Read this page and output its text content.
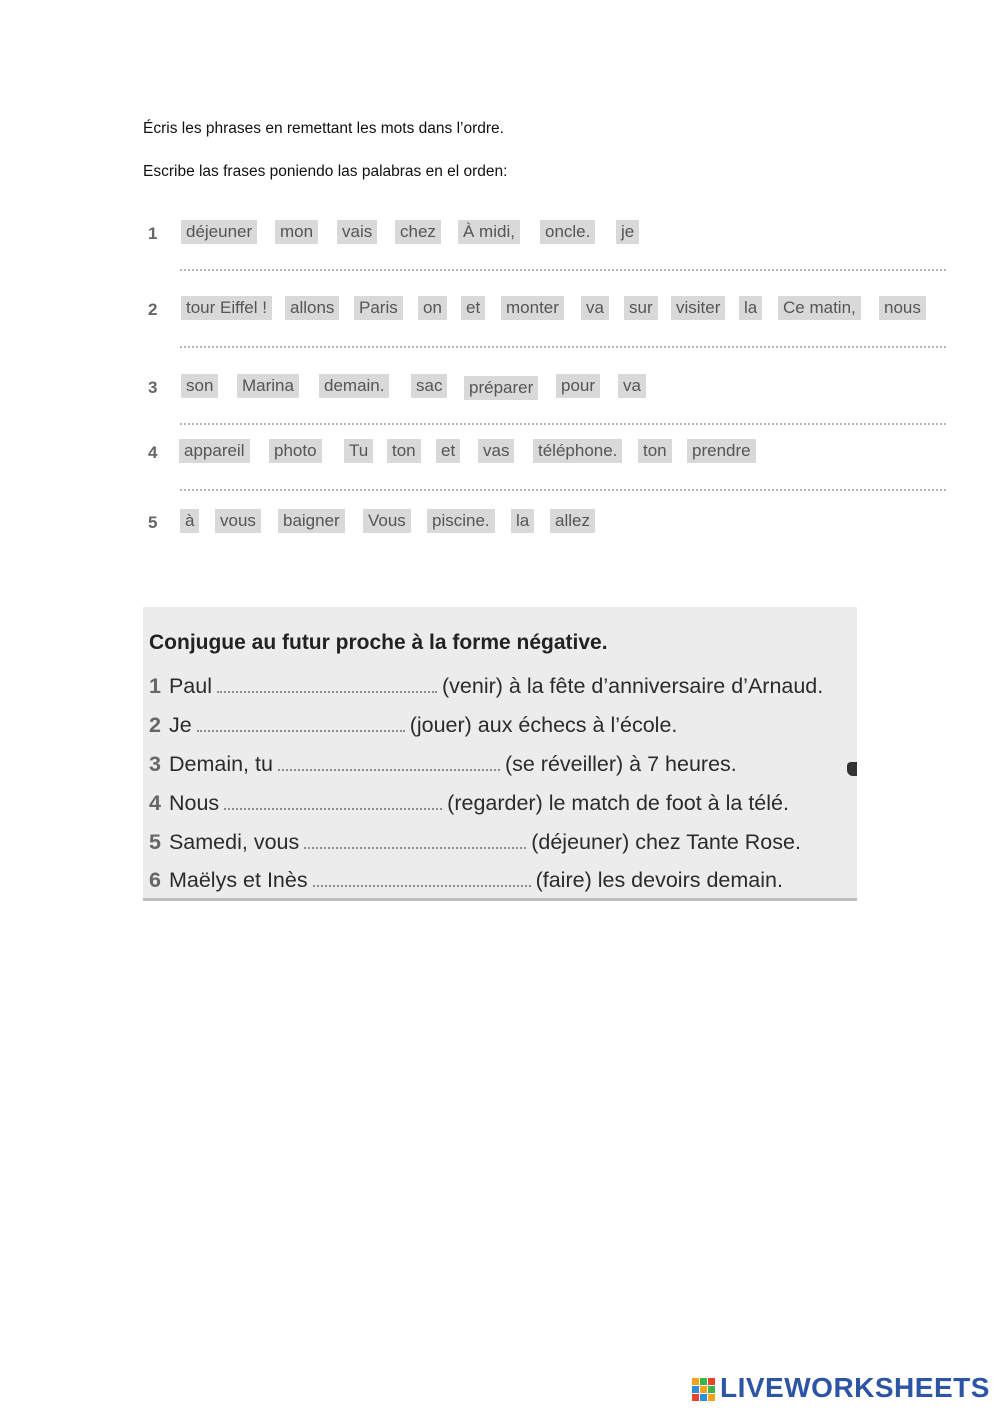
Écris les phrases en remettant les mots dans l’ordre.
Escribe las frases poniendo las palabras en el orden:
1 déjeuner mon vais chez À midi, oncle. je
2 tour Eiffel ! allons Paris on et monter va sur visiter la Ce matin, nous
3 son Marina demain. sac préparer pour va
4 appareil photo Tu ton et vas téléphone. ton prendre
5 à vous baigner Vous piscine. la allez
Conjugue au futur proche à la forme négative.
1 Paul	(venir) à la fête d’anniversaire d’Arnaud.
2 Je	(jouer) aux échecs à l’école.
3 Demain, tu	(se réveiller) à 7 heures.
4 Nous	(regarder) le match de foot à la télé.
5 Samedi, vous	(déjeuner) chez Tante Rose.
6 Maëlys et Inès	(faire) les devoirs demain.
LIVEWORKSHEETS
